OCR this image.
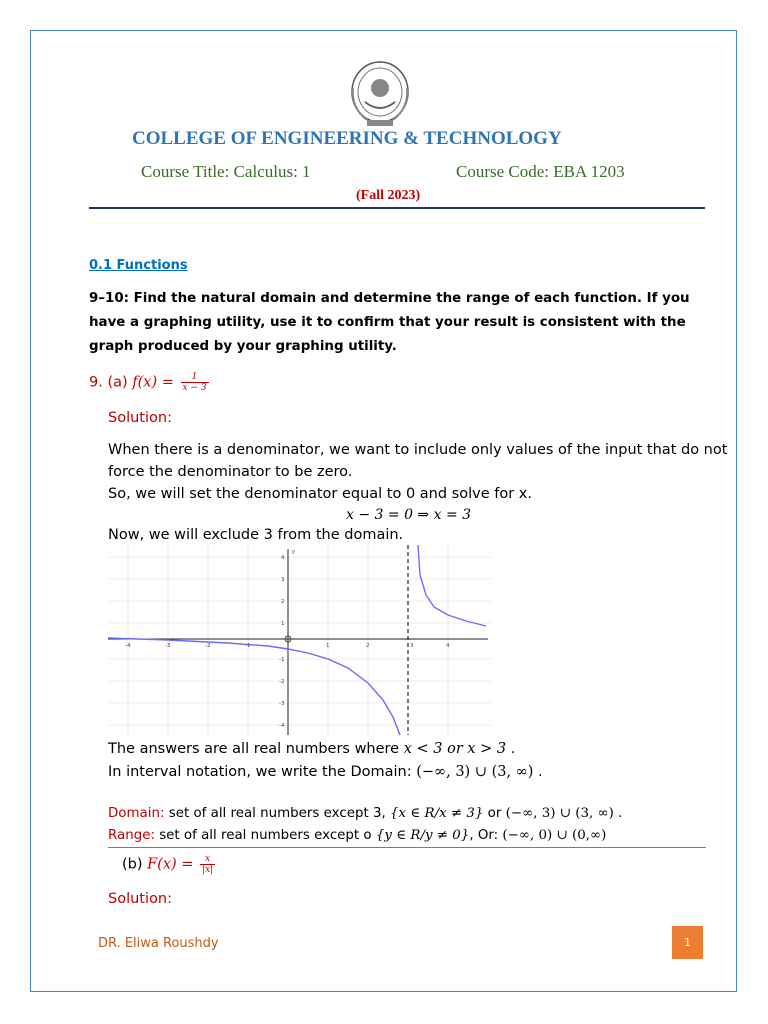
COLLEGE OF ENGINEERING & TECHNOLOGY
Course Title: Calculus: 1	Course Code: EBA 1203
(Fall 2023)
0.1 Functions
9–10: Find the natural domain and determine the range of each function. If you
have a graphing utility, use it to confirm that your result is consistent with the
graph produced by your graphing utility.
9. (a) $f(x) = \frac{1}{x - 3}$
Solution:
When there is a denominator, we want to include only values of the input that do not
force the denominator to be zero.
So, we will set the denominator equal to 0 and solve for x.
x − 3 = 0 ⇒ x = 3
Now, we will exclude 3 from the domain.
y
-4	-3	-2	-1	1	2	3	4
4
3
2
1
-1
-2
-3
-4
The answers are all real numbers where x < 3 or x > 3 .
In interval notation, we write the Domain: (−∞, 3) ∪ (3, ∞) .
Domain: set of all real numbers except 3, {x ∈ R/x ≠ 3} or (−∞, 3) ∪ (3, ∞) .
Range: set of all real numbers except o {y ∈ R/y ≠ 0}, Or: (−∞, 0) ∪ (0,∞)
(b) $F(x) = \frac{x}{|x|}$
Solution:
DR. Eliwa Roushdy	1
